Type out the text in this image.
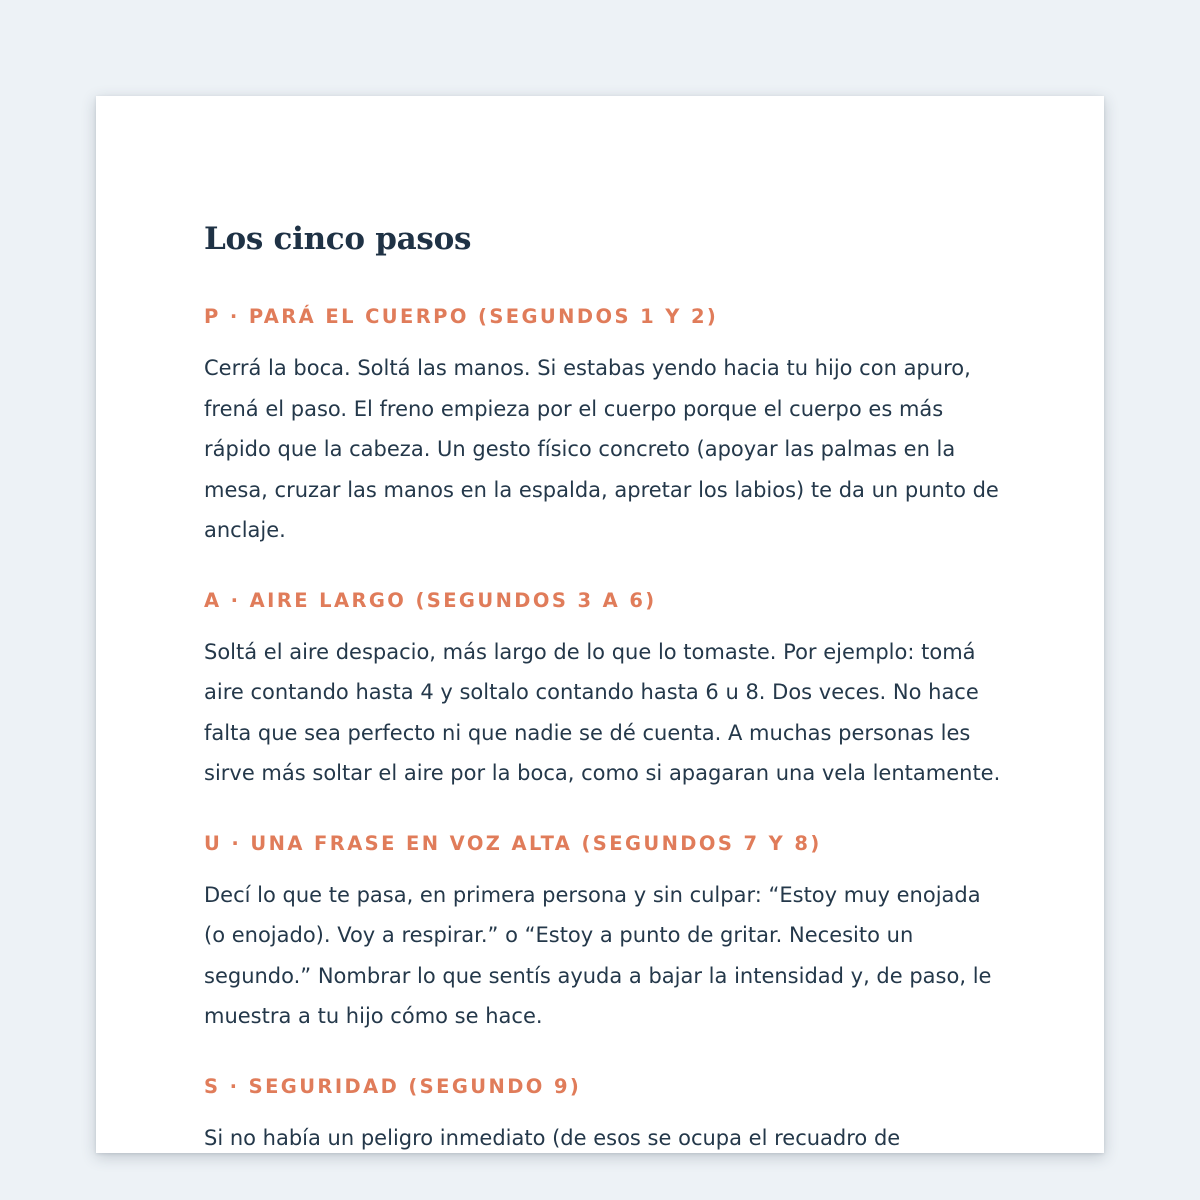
Los cinco pasos
P · PARÁ EL CUERPO (SEGUNDOS 1 Y 2)

Cerrá la boca. Soltá las manos. Si estabas yendo hacia tu hijo con apuro, frená el paso. El freno empieza por el cuerpo porque el cuerpo es más rápido que la cabeza. Un gesto físico concreto (apoyar las palmas en la mesa, cruzar las manos en la espalda, apretar los labios) te da un punto de anclaje.

A · AIRE LARGO (SEGUNDOS 3 A 6)

Soltá el aire despacio, más largo de lo que lo tomaste. Por ejemplo: tomá aire contando hasta 4 y soltalo contando hasta 6 u 8. Dos veces. No hace falta que sea perfecto ni que nadie se dé cuenta. A muchas personas les sirve más soltar el aire por la boca, como si apagaran una vela lentamente.

U · UNA FRASE EN VOZ ALTA (SEGUNDOS 7 Y 8)

Decí lo que te pasa, en primera persona y sin culpar: “Estoy muy enojada (o enojado). Voy a respirar.” o “Estoy a punto de gritar. Necesito un segundo.” Nombrar lo que sentís ayuda a bajar la intensidad y, de paso, le muestra a tu hijo cómo se hace.

S · SEGURIDAD (SEGUNDO 9)

Si no había un peligro inmediato (de esos se ocupa el recuadro de
